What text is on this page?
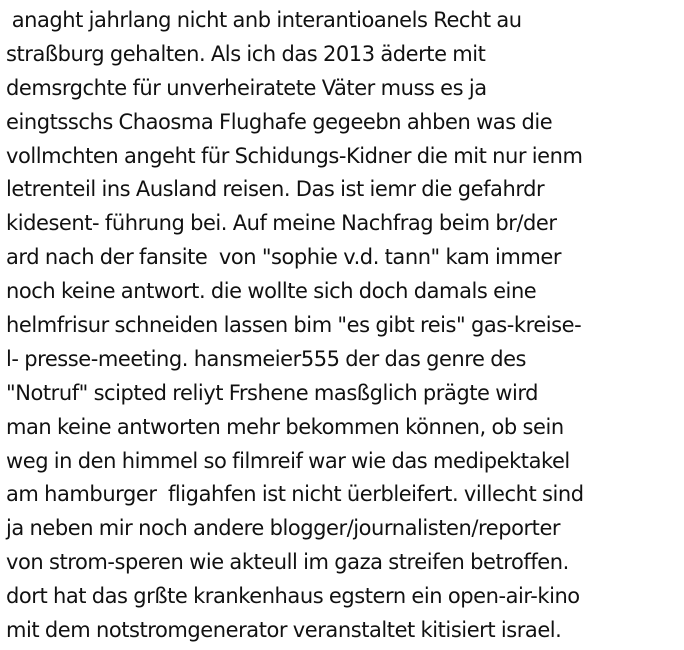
anaght jahrlang nicht anb interantioanels Recht au
straßburg gehalten. Als ich das 2013 äderte mit
demsrgchte für unverheiratete Väter muss es ja
eingtsschs Chaosma Flughafe gegeebn ahben was die
vollmchten angeht für Schidungs-Kidner die mit nur ienm
letrenteil ins Ausland reisen. Das ist iemr die gefahrdr
kidesent- führung bei. Auf meine Nachfrag beim br/der
ard nach der fansite  von "sophie v.d. tann" kam immer
noch keine antwort. die wollte sich doch damals eine
helmfrisur schneiden lassen bim "es gibt reis" gas-kreise-
l- presse-meeting. hansmeier555 der das genre des
"Notruf" scipted reliyt Frshene masßglich prägte wird
man keine antworten mehr bekommen können, ob sein
weg in den himmel so filmreif war wie das medipektakel
am hamburger  fligahfen ist nicht üerbleifert. villecht sind
ja neben mir noch andere blogger/journalisten/reporter
von strom-speren wie akteull im gaza streifen betroffen.
dort hat das grßte krankenhaus egstern ein open-air-kino
mit dem notstromgenerator veranstaltet kitisiert israel.
